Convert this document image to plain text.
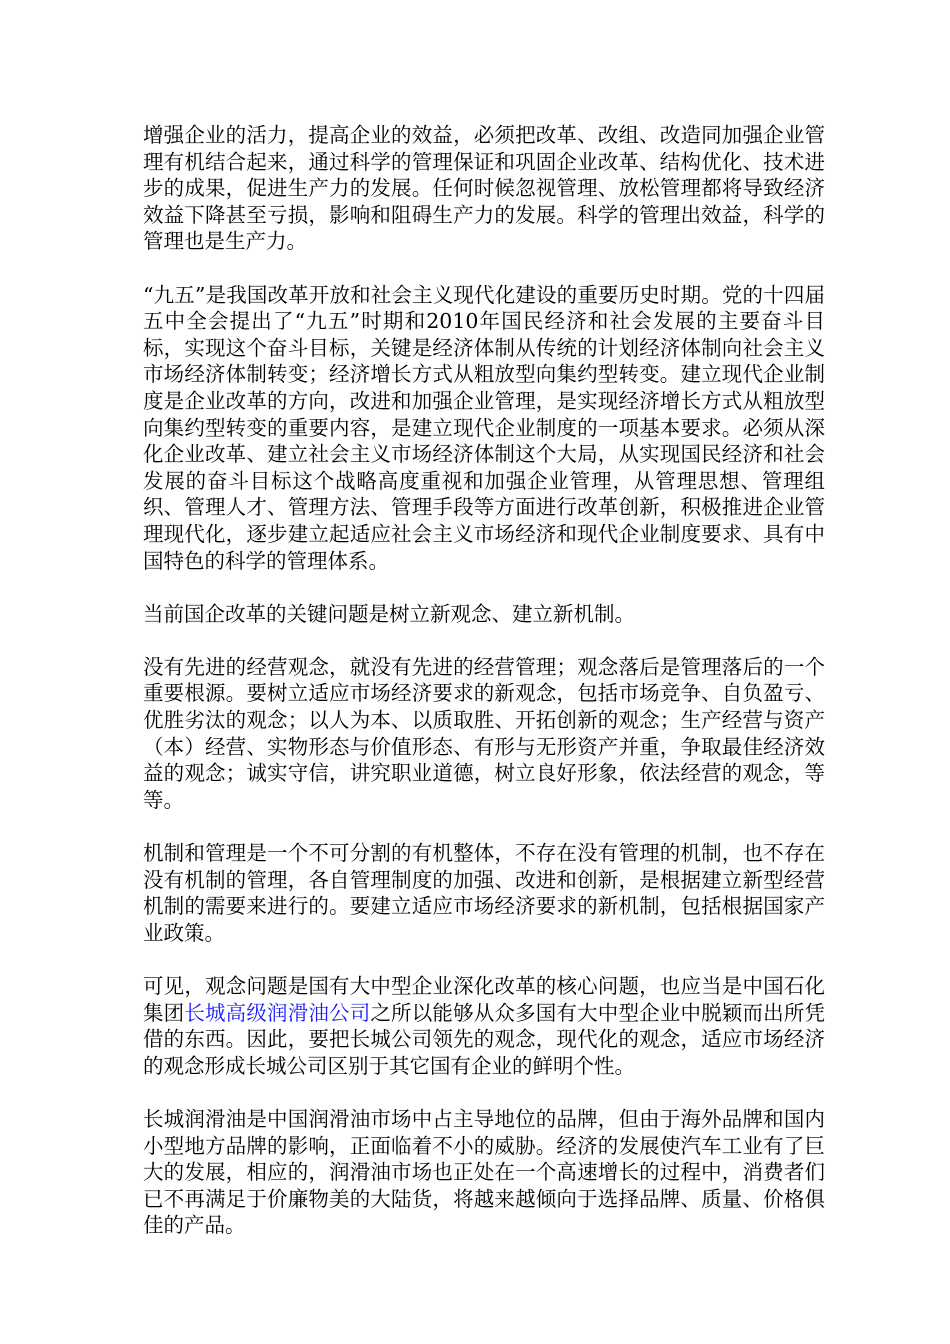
增强企业的活力，提高企业的效益，必须把改革、改组、改造同加强企业管理有机结合起来，通过科学的管理保证和巩固企业改革、结构优化、技术进步的成果，促进生产力的发展。任何时候忽视管理、放松管理都将导致经济效益下降甚至亏损，影响和阻碍生产力的发展。科学的管理出效益，科学的管理也是生产力。

“九五”是我国改革开放和社会主义现代化建设的重要历史时期。党的十四届五中全会提出了“九五”时期和2010年国民经济和社会发展的主要奋斗目标，实现这个奋斗目标，关键是经济体制从传统的计划经济体制向社会主义市场经济体制转变；经济增长方式从粗放型向集约型转变。建立现代企业制度是企业改革的方向，改进和加强企业管理，是实现经济增长方式从粗放型向集约型转变的重要内容，是建立现代企业制度的一项基本要求。必须从深化企业改革、建立社会主义市场经济体制这个大局，从实现国民经济和社会发展的奋斗目标这个战略高度重视和加强企业管理，从管理思想、管理组织、管理人才、管理方法、管理手段等方面进行改革创新，积极推进企业管理现代化，逐步建立起适应社会主义市场经济和现代企业制度要求、具有中国特色的科学的管理体系。

当前国企改革的关键问题是树立新观念、建立新机制。

没有先进的经营观念，就没有先进的经营管理；观念落后是管理落后的一个重要根源。要树立适应市场经济要求的新观念，包括市场竞争、自负盈亏、优胜劣汰的观念；以人为本、以质取胜、开拓创新的观念；生产经营与资产（本）经营、实物形态与价值形态、有形与无形资产并重，争取最佳经济效益的观念；诚实守信，讲究职业道德，树立良好形象，依法经营的观念，等等。

机制和管理是一个不可分割的有机整体，不存在没有管理的机制，也不存在没有机制的管理，各自管理制度的加强、改进和创新，是根据建立新型经营机制的需要来进行的。要建立适应市场经济要求的新机制，包括根据国家产业政策。

可见，观念问题是国有大中型企业深化改革的核心问题，也应当是中国石化集团长城高级润滑油公司之所以能够从众多国有大中型企业中脱颖而出所凭借的东西。因此，要把长城公司领先的观念，现代化的观念，适应市场经济的观念形成长城公司区别于其它国有企业的鲜明个性。

长城润滑油是中国润滑油市场中占主导地位的品牌，但由于海外品牌和国内小型地方品牌的影响，正面临着不小的威胁。经济的发展使汽车工业有了巨大的发展，相应的，润滑油市场也正处在一个高速增长的过程中，消费者们已不再满足于价廉物美的大陆货，将越来越倾向于选择品牌、质量、价格俱佳的产品。
